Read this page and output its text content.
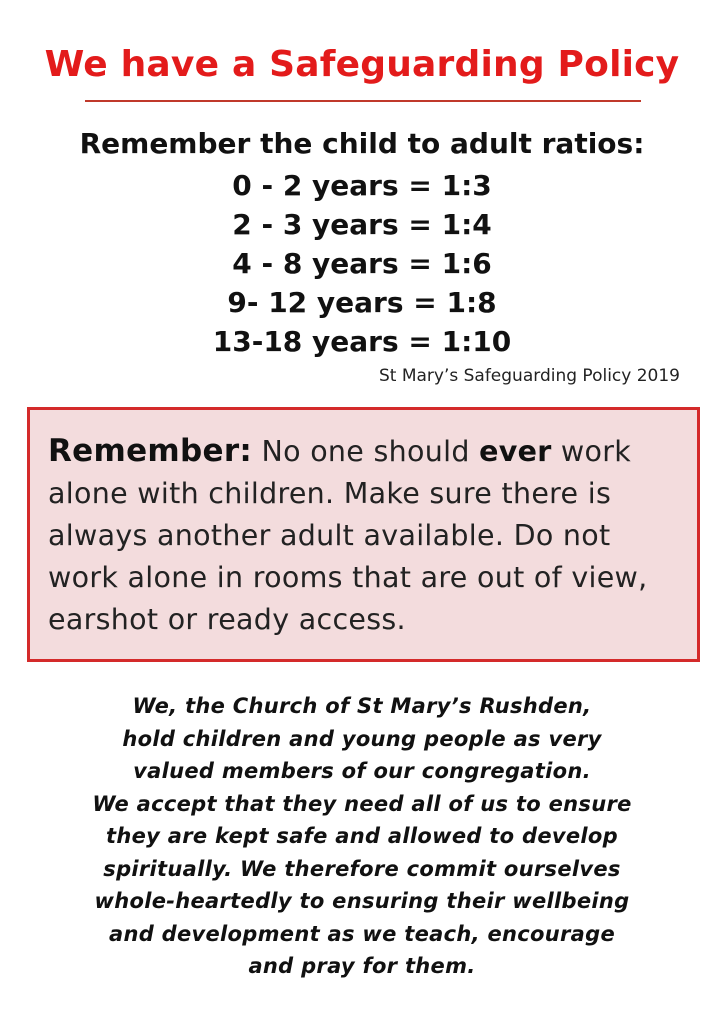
We have a Safeguarding Policy

Remember the child to adult ratios:

0 - 2 years = 1:3

2 - 3 years = 1:4

4 - 8 years = 1:6

9- 12 years = 1:8

13-18 years = 1:10

St Mary’s Safeguarding Policy 2019

Remember: No one should ever work alone with children. Make sure there is always another adult available. Do not work alone in rooms that are out of view, earshot or ready access.

We, the Church of St Mary’s Rushden,

hold children and young people as very

valued members of our congregation.

We accept that they need all of us to ensure

they are kept safe and allowed to develop

spiritually. We therefore commit ourselves

whole-heartedly to ensuring their wellbeing

and development as we teach, encourage

and pray for them.
